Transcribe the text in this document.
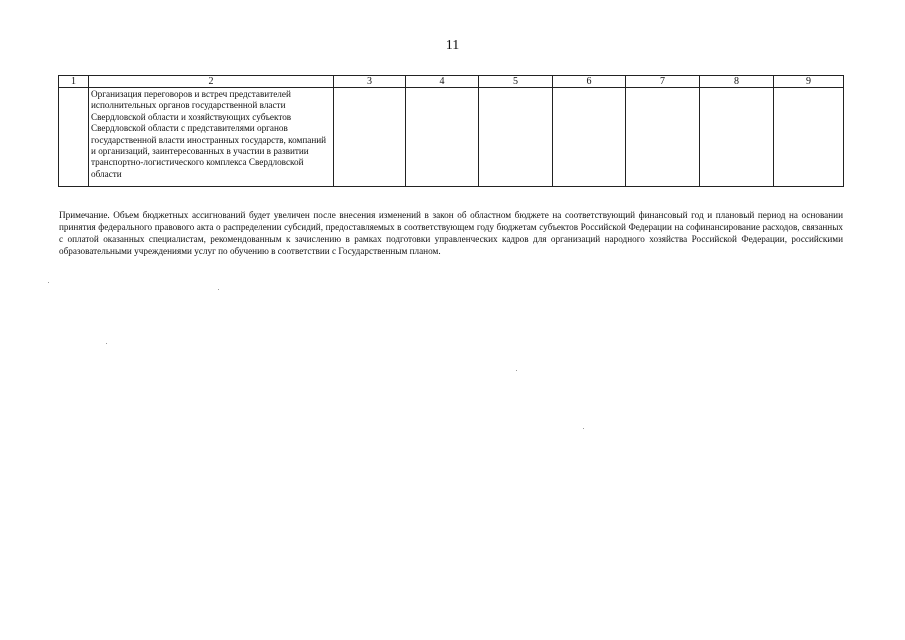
11
1	2	3	4	5	6	7	8	9
	Организация переговоров и встреч представителей исполнительных органов государственной власти Свердловской области и хозяйствующих субъектов Свердловской области с представителями органов государственной власти иностранных государств, компаний и организаций, заинтересованных в участии в развитии транспортно-логистического комплекса Свердловской области							

Примечание. Объем бюджетных ассигнований будет увеличен после внесения изменений в закон об областном бюджете на соответствующий финансовый год и плановый период на основании принятия федерального правового акта о распределении субсидий, предоставляемых в соответствующем году бюджетам субъектов Российской Федерации на софинансирование расходов, связанных с оплатой оказанных специалистам, рекомендованным к зачислению в рамках подготовки управленческих кадров для организаций народного хозяйства Российской Федерации, российскими образовательными учреждениями услуг по обучению в соответствии с Государственным планом.
